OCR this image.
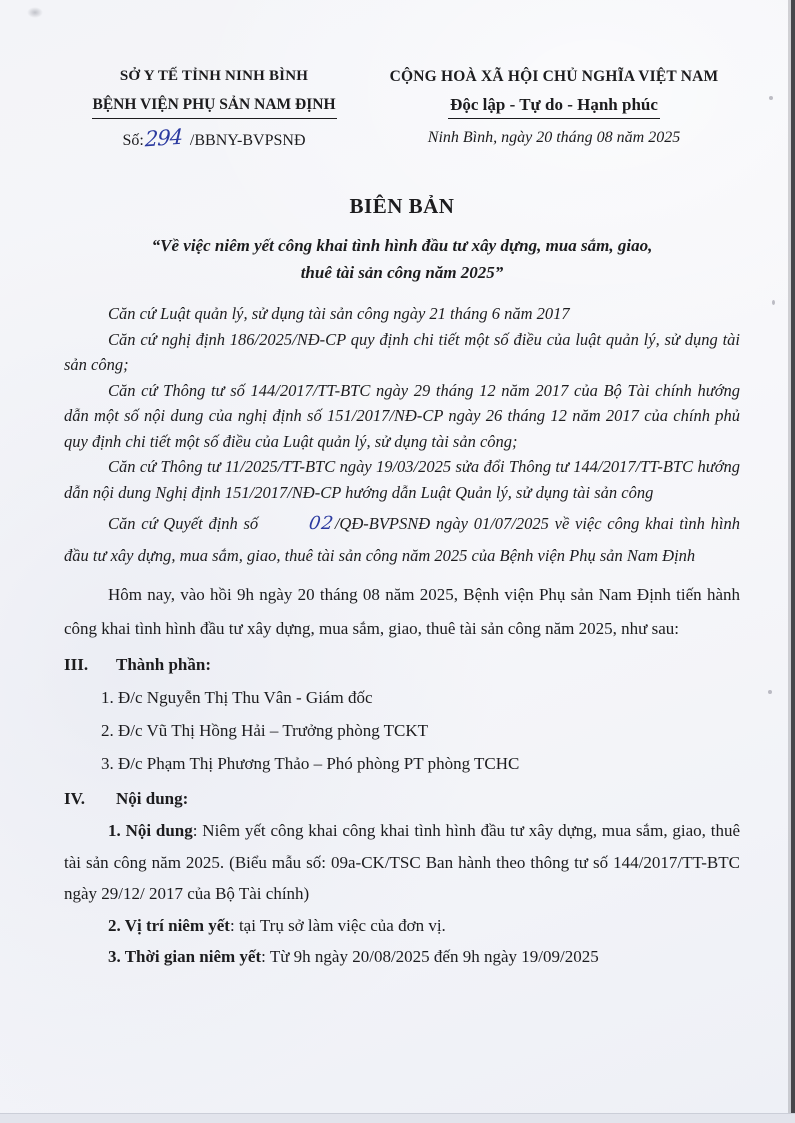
SỞ Y TẾ TỈNH NINH BÌNH
BỆNH VIỆN PHỤ SẢN NAM ĐỊNH
Số:294 /BBNY-BVPSNĐ
CỘNG HOÀ XÃ HỘI CHỦ NGHĨA VIỆT NAM
Độc lập - Tự do - Hạnh phúc
Ninh Bình, ngày 20 tháng 08 năm 2025
BIÊN BẢN
“Về việc niêm yết công khai tình hình đầu tư xây dựng, mua sắm, giao,
thuê tài sản công năm 2025”

Căn cứ Luật quản lý, sử dụng tài sản công ngày 21 tháng 6 năm 2017

Căn cứ nghị định 186/2025/NĐ-CP quy định chi tiết một số điều của luật quản lý, sử dụng tài sản công;

Căn cứ Thông tư số 144/2017/TT-BTC ngày 29 tháng 12 năm 2017 của Bộ Tài chính hướng dẫn một số nội dung của nghị định số 151/2017/NĐ-CP ngày 26 tháng 12 năm 2017 của chính phủ quy định chi tiết một số điều của Luật quản lý, sử dụng tài sản công;

Căn cứ Thông tư 11/2025/TT-BTC ngày 19/03/2025 sửa đổi Thông tư 144/2017/TT-BTC hướng dẫn nội dung Nghị định 151/2017/NĐ-CP hướng dẫn Luật Quản lý, sử dụng tài sản công

Căn cứ Quyết định số 02/QĐ-BVPSNĐ ngày 01/07/2025 về việc công khai tình hình đầu tư xây dựng, mua sắm, giao, thuê tài sản công năm 2025 của Bệnh viện Phụ sản Nam Định

Hôm nay, vào hồi 9h ngày 20 tháng 08 năm 2025, Bệnh viện Phụ sản Nam Định tiến hành công khai tình hình đầu tư xây dựng, mua sắm, giao, thuê tài sản công năm 2025, như sau:

III.	Thành phần:

1. Đ/c Nguyễn Thị Thu Vân - Giám đốc

2. Đ/c Vũ Thị Hồng Hải – Trưởng phòng TCKT

3. Đ/c Phạm Thị Phương Thảo – Phó phòng PT phòng TCHC

IV.	Nội dung:

1. Nội dung: Niêm yết công khai công khai tình hình đầu tư xây dựng, mua sắm, giao, thuê tài sản công năm 2025. (Biểu mẫu số: 09a-CK/TSC Ban hành theo thông tư số 144/2017/TT-BTC ngày 29/12/ 2017 của Bộ Tài chính)

2. Vị trí niêm yết: tại Trụ sở làm việc của đơn vị.

3. Thời gian niêm yết: Từ 9h ngày 20/08/2025 đến 9h ngày 19/09/2025
